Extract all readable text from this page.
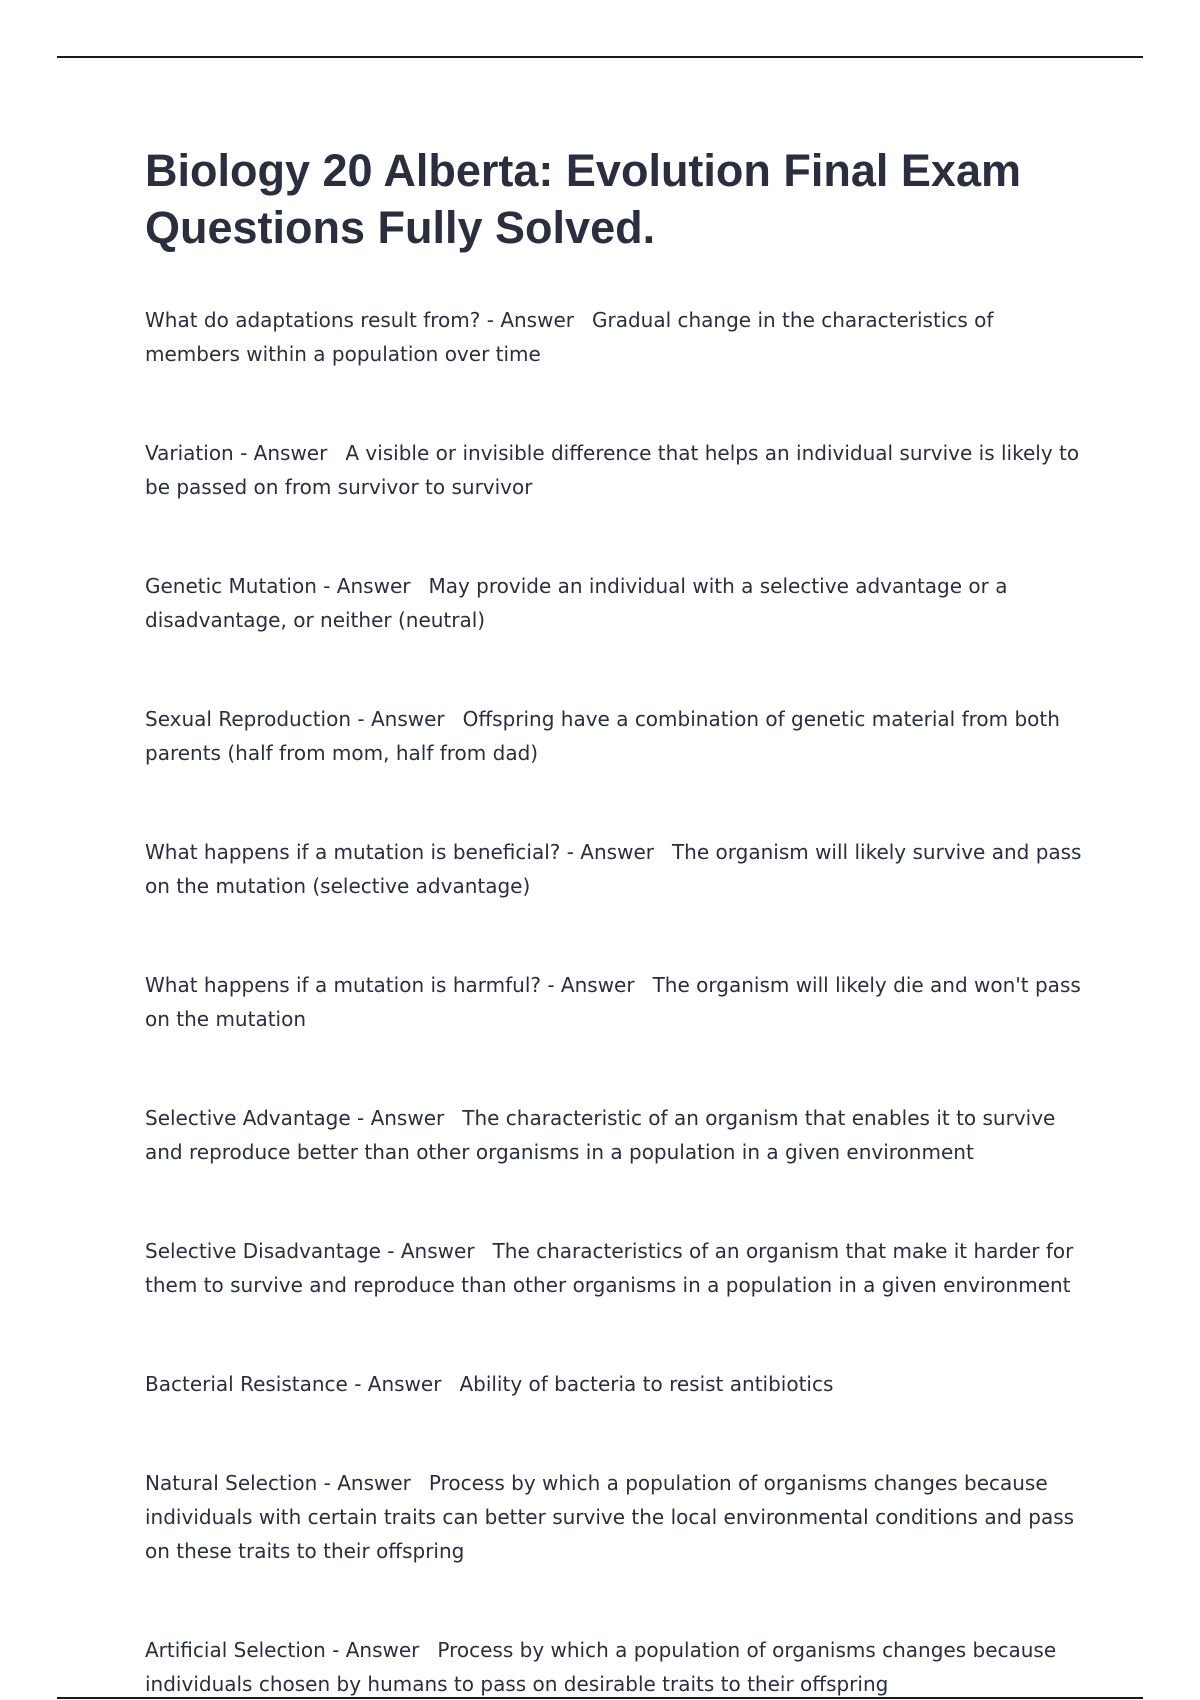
Biology 20 Alberta: Evolution Final Exam Questions Fully Solved.

What do adaptations result from? - Answer Gradual change in the characteristics of members within a population over time

Variation - Answer A visible or invisible difference that helps an individual survive is likely to be passed on from survivor to survivor

Genetic Mutation - Answer May provide an individual with a selective advantage or a disadvantage, or neither (neutral)

Sexual Reproduction - Answer Offspring have a combination of genetic material from both parents (half from mom, half from dad)

What happens if a mutation is beneficial? - Answer The organism will likely survive and pass on the mutation (selective advantage)

What happens if a mutation is harmful? - Answer The organism will likely die and won't pass on the mutation

Selective Advantage - Answer The characteristic of an organism that enables it to survive and reproduce better than other organisms in a population in a given environment

Selective Disadvantage - Answer The characteristics of an organism that make it harder for them to survive and reproduce than other organisms in a population in a given environment

Bacterial Resistance - Answer Ability of bacteria to resist antibiotics

Natural Selection - Answer Process by which a population of organisms changes because individuals with certain traits can better survive the local environmental conditions and pass on these traits to their offspring

Artificial Selection - Answer Process by which a population of organisms changes because individuals chosen by humans to pass on desirable traits to their offspring
